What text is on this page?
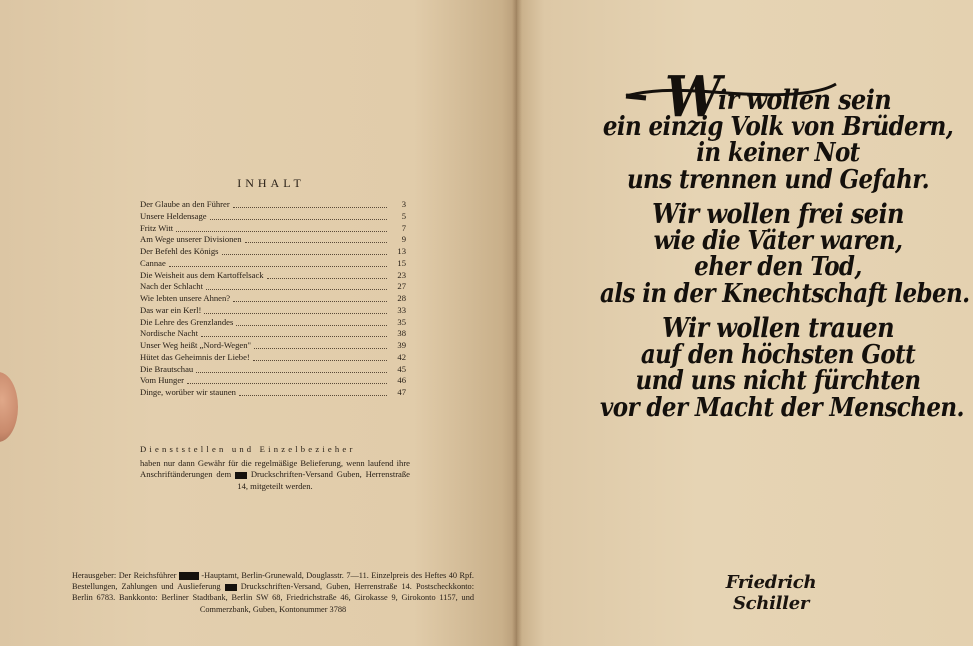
INHALT
Der Glaube an den Führer	3
Unsere Heldensage	5
Fritz Witt	7
Am Wege unserer Divisionen	9
Der Befehl des Königs	13
Cannae	15
Die Weisheit aus dem Kartoffelsack	23
Nach der Schlacht	27
Wie lebten unsere Ahnen?	28
Das war ein Kerl!	33
Die Lehre des Grenzlandes	35
Nordische Nacht	38
Unser Weg heißt „Nord-Wegen"	39
Hütet das Geheimnis der Liebe!	42
Die Brautschau	45
Vom Hunger	46
Dinge, worüber wir staunen	47
Dienststellen und Einzelbezieher
haben nur dann Gewähr für die regelmäßige Belieferung, wenn laufend ihre Anschriftänderungen dem Druckschriften-Versand Guben, Herrenstraße 14, mitgeteilt werden.
Herausgeber: Der Reichsführer	-Hauptamt, Berlin-Grunewald, Douglasstr. 7—11. Einzelpreis des Heftes 40 Rpf. Bestellungen, Zahlungen und Auslieferung Druckschriften-Versand, Guben, Herrenstraße 14. Postscheckkonto: Berlin 6783. Bankkonto: Berliner Stadtbank, Berlin SW 68, Friedrichstraße 46, Girokasse 9, Girokonto 1157, und Commerzbank, Guben, Kontonummer 3788
Wir wollen sein
ein einzig Volk von Brüdern,
in keiner Not
uns trennen und Gefahr.
Wir wollen frei sein
wie die Väter waren,
eher den Tod,
als in der Knechtschaft leben.
Wir wollen trauen
auf den höchsten Gott
und uns nicht fürchten
vor der Macht der Menschen.
Friedrich Schiller
